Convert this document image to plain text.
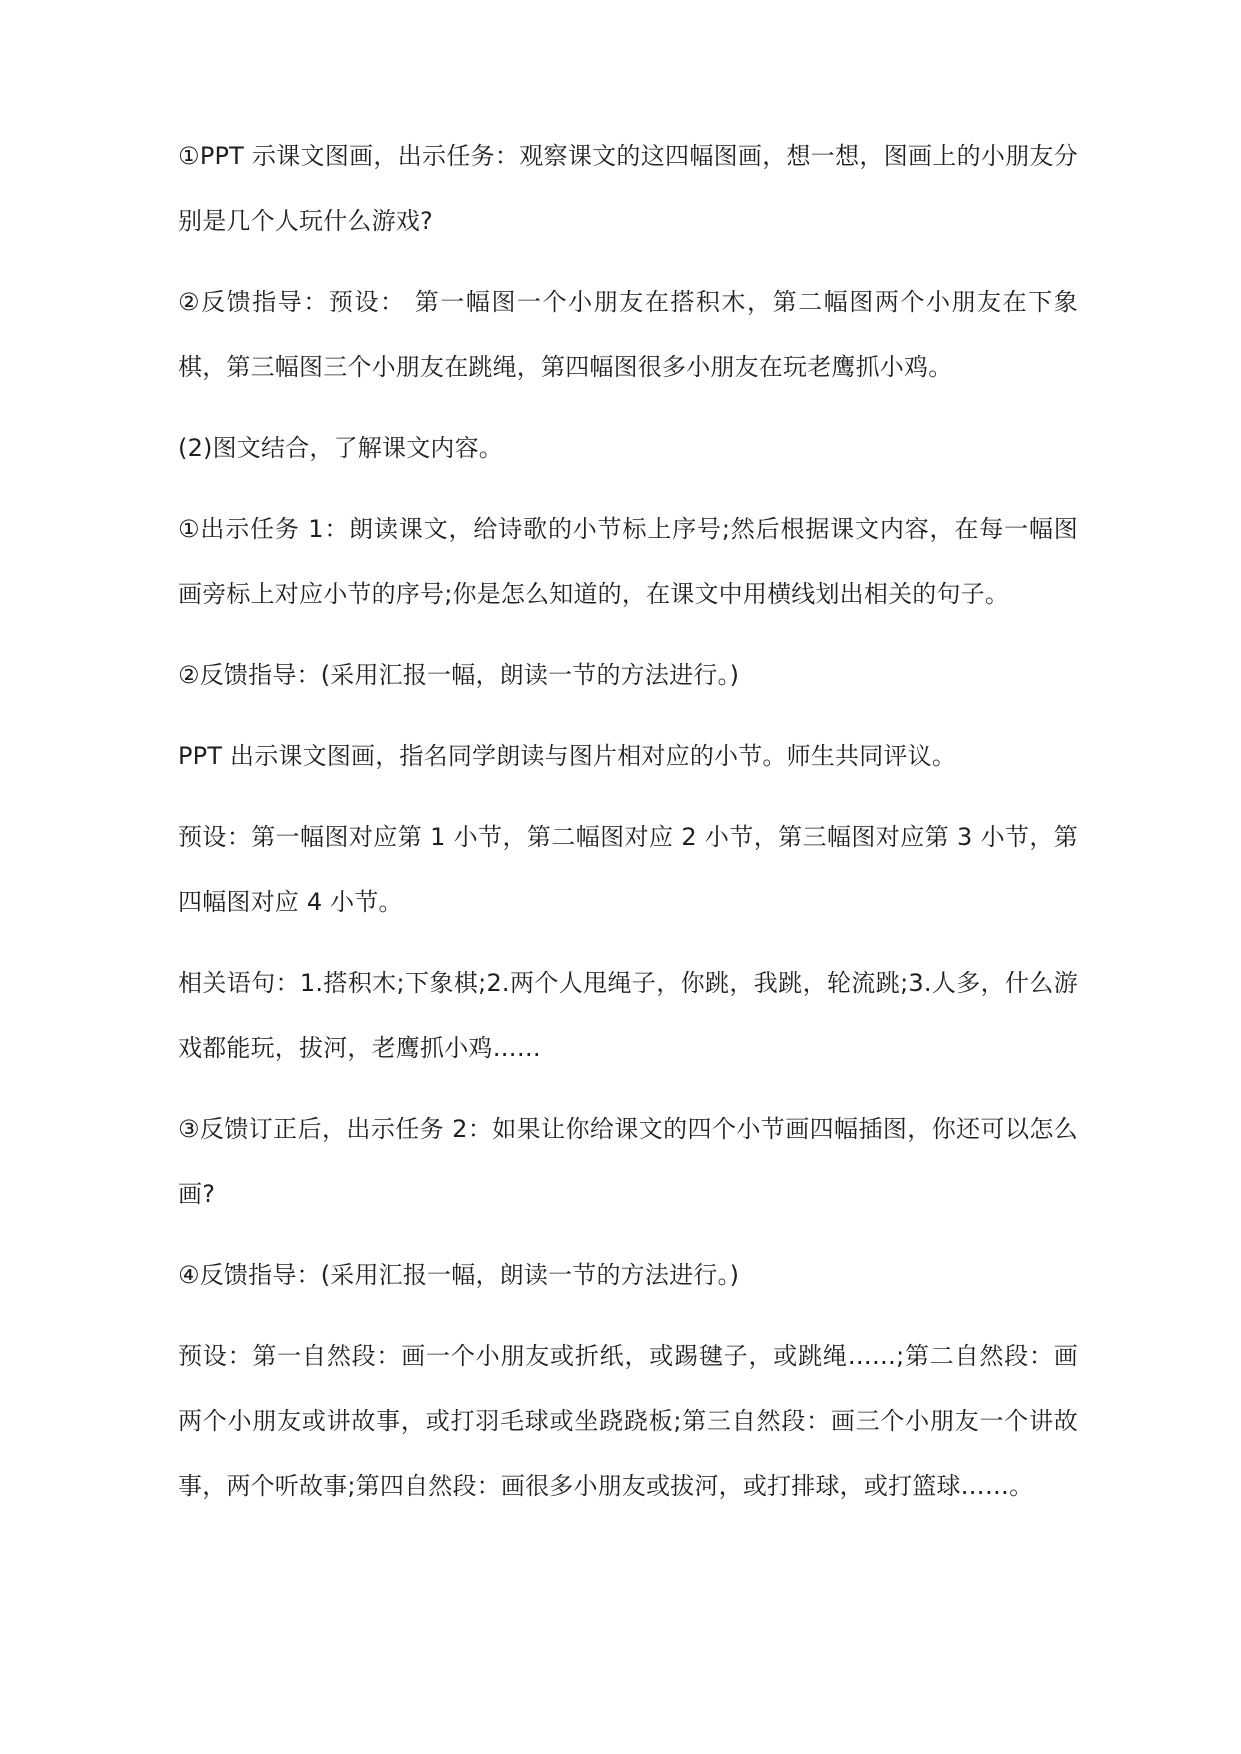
①PPT 示课文图画，出示任务：观察课文的这四幅图画，想一想，图画上的小朋友分别是几个人玩什么游戏?

②反馈指导：预设： 第一幅图一个小朋友在搭积木，第二幅图两个小朋友在下象棋，第三幅图三个小朋友在跳绳，第四幅图很多小朋友在玩老鹰抓小鸡。

(2)图文结合，了解课文内容。

①出示任务 1：朗读课文，给诗歌的小节标上序号;然后根据课文内容，在每一幅图画旁标上对应小节的序号;你是怎么知道的，在课文中用横线划出相关的句子。

②反馈指导：(采用汇报一幅，朗读一节的方法进行。)

PPT 出示课文图画，指名同学朗读与图片相对应的小节。师生共同评议。

预设：第一幅图对应第 1 小节，第二幅图对应 2 小节，第三幅图对应第 3 小节，第四幅图对应 4 小节。

相关语句：1.搭积木;下象棋;2.两个人甩绳子，你跳，我跳，轮流跳;3.人多，什么游戏都能玩，拔河，老鹰抓小鸡……

③反馈订正后，出示任务 2：如果让你给课文的四个小节画四幅插图，你还可以怎么画?

④反馈指导：(采用汇报一幅，朗读一节的方法进行。)

预设：第一自然段：画一个小朋友或折纸，或踢毽子，或跳绳……;第二自然段：画两个小朋友或讲故事，或打羽毛球或坐跷跷板;第三自然段：画三个小朋友一个讲故事，两个听故事;第四自然段：画很多小朋友或拔河，或打排球，或打篮球……。
